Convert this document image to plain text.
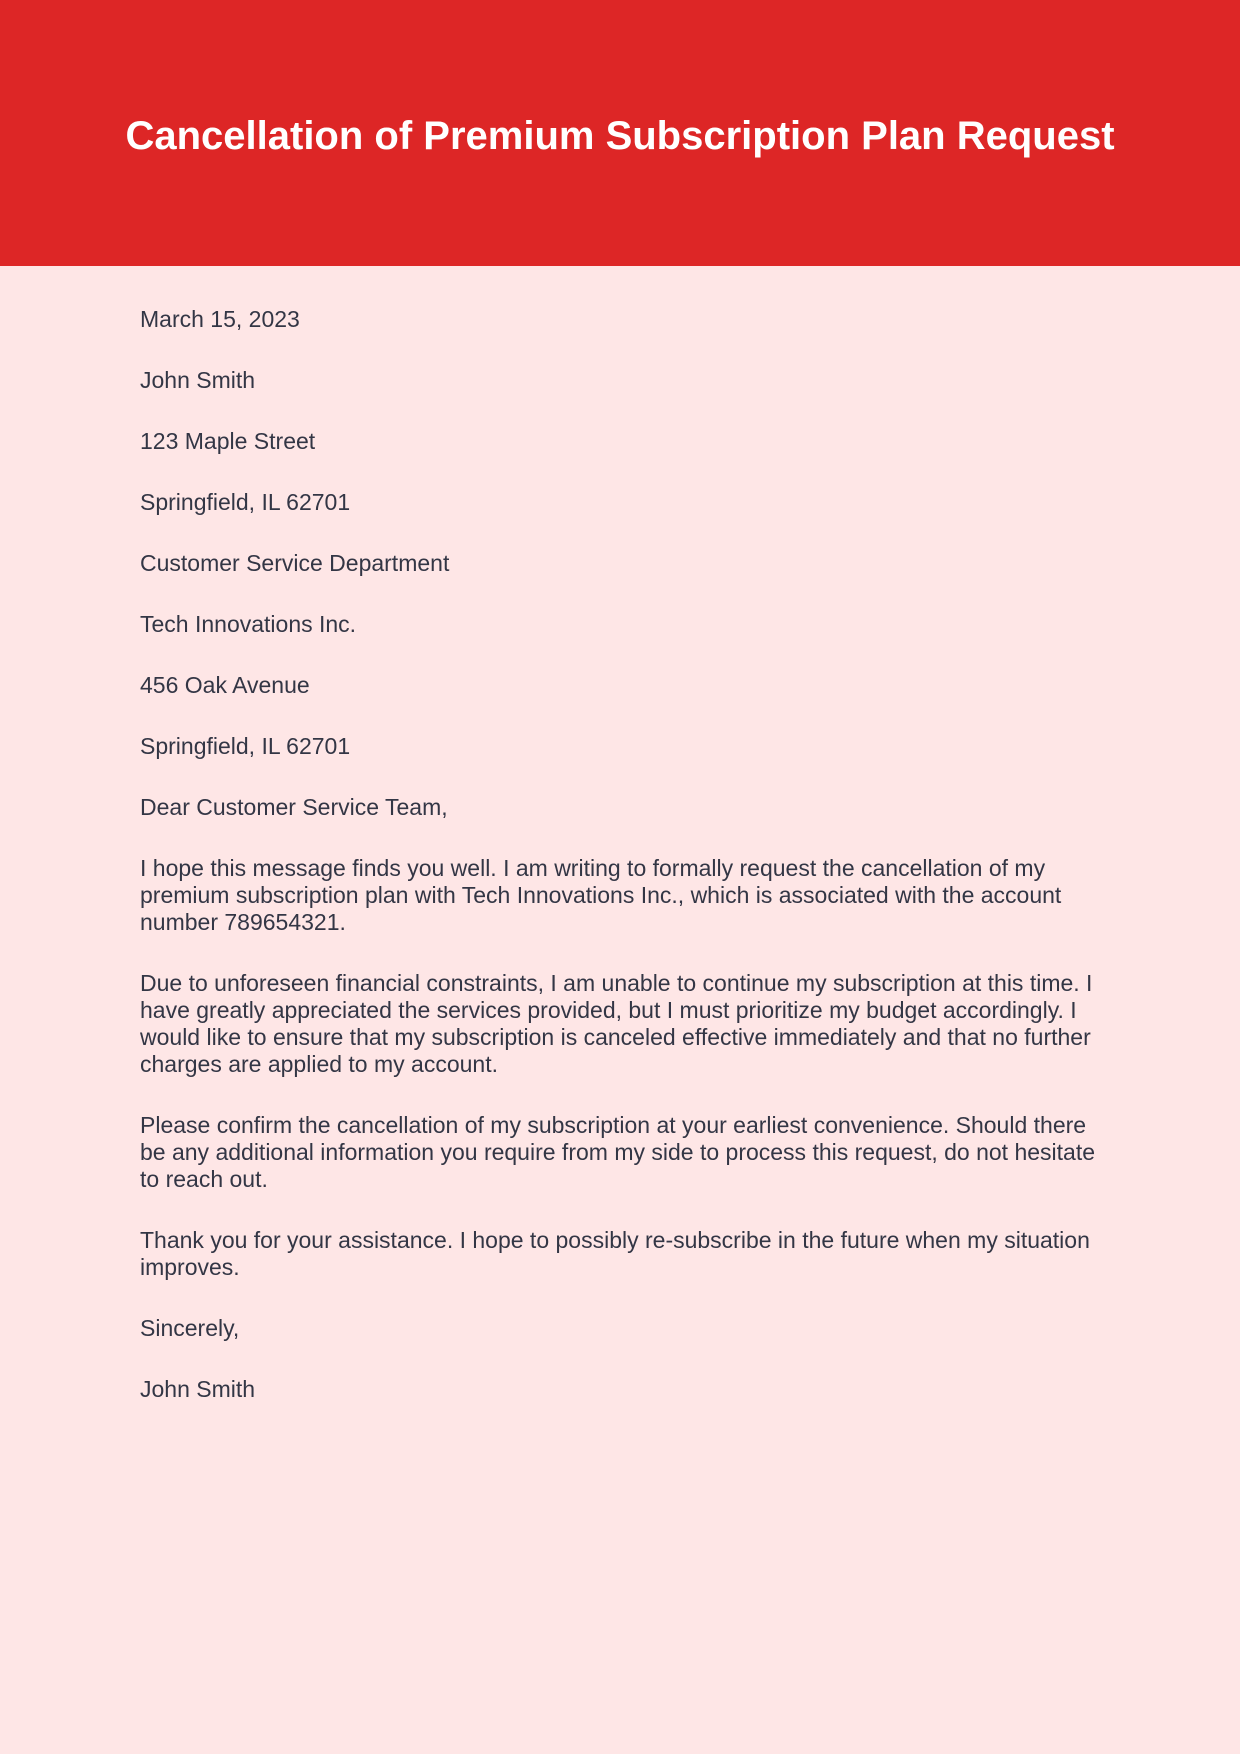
Cancellation of Premium Subscription Plan Request

March 15, 2023

John Smith

123 Maple Street

Springfield, IL 62701

Customer Service Department

Tech Innovations Inc.

456 Oak Avenue

Springfield, IL 62701

Dear Customer Service Team,

I hope this message finds you well. I am writing to formally request the cancellation of my premium subscription plan with Tech Innovations Inc., which is associated with the account number 789654321.

Due to unforeseen financial constraints, I am unable to continue my subscription at this time. I have greatly appreciated the services provided, but I must prioritize my budget accordingly. I would like to ensure that my subscription is canceled effective immediately and that no further charges are applied to my account.

Please confirm the cancellation of my subscription at your earliest convenience. Should there be any additional information you require from my side to process this request, do not hesitate to reach out.

Thank you for your assistance. I hope to possibly re-subscribe in the future when my situation improves.

Sincerely,

John Smith
